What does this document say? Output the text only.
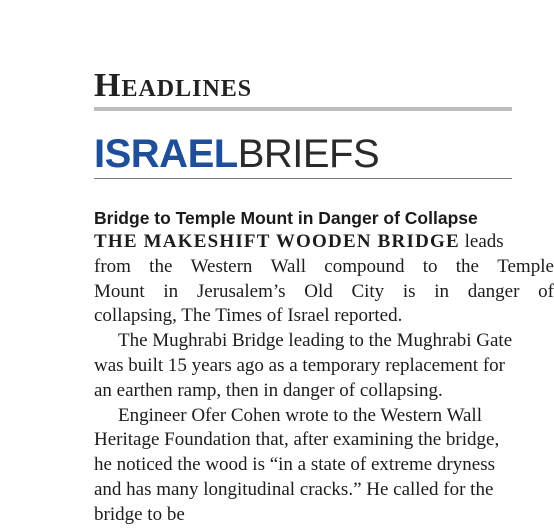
Headlines
ISRAELBRIEFS
Bridge to Temple Mount in Danger of Collapse
THE MAKESHIFT WOODEN BRIDGE leads
from the Western Wall compound to the Temple
Mount in Jerusalem’s Old City is in danger of
collapsing, The Times of Israel reported.
The Mughrabi Bridge leading to the Mughrabi Gate
was built 15 years ago as a temporary replacement for
an earthen ramp, then in danger of collapsing.
Engineer Ofer Cohen wrote to the Western Wall
Heritage Foundation that, after examining the bridge,
he noticed the wood is “in a state of extreme dryness
and has many longitudinal cracks.” He called for the
bridge to be
